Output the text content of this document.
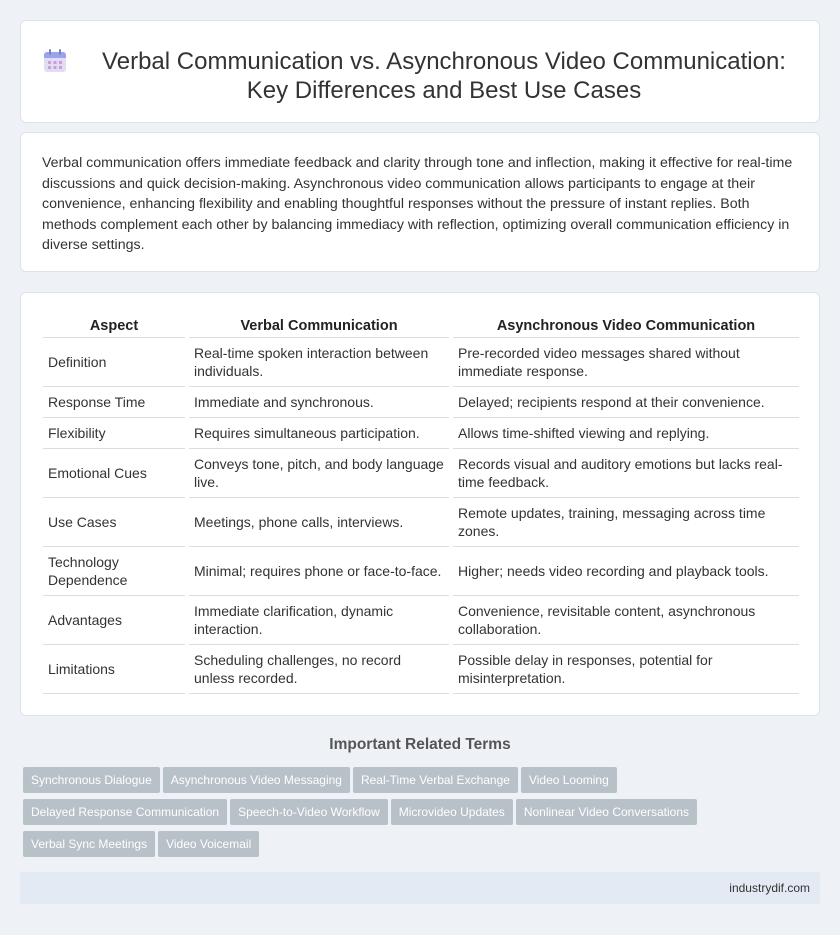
Verbal Communication vs. Asynchronous Video Communication: Key Differences and Best Use Cases

Verbal communication offers immediate feedback and clarity through tone and inflection, making it effective for real-time discussions and quick decision-making. Asynchronous video communication allows participants to engage at their convenience, enhancing flexibility and enabling thoughtful responses without the pressure of instant replies. Both methods complement each other by balancing immediacy with reflection, optimizing overall communication efficiency in diverse settings.

Aspect	Verbal Communication	Asynchronous Video Communication
Definition	Real-time spoken interaction between individuals.	Pre-recorded video messages shared without immediate response.
Response Time	Immediate and synchronous.	Delayed; recipients respond at their convenience.
Flexibility	Requires simultaneous participation.	Allows time-shifted viewing and replying.
Emotional Cues	Conveys tone, pitch, and body language live.	Records visual and auditory emotions but lacks real-time feedback.
Use Cases	Meetings, phone calls, interviews.	Remote updates, training, messaging across time zones.
Technology Dependence	Minimal; requires phone or face-to-face.	Higher; needs video recording and playback tools.
Advantages	Immediate clarification, dynamic interaction.	Convenience, revisitable content, asynchronous collaboration.
Limitations	Scheduling challenges, no record unless recorded.	Possible delay in responses, potential for misinterpretation.
Important Related Terms
Synchronous Dialogue Asynchronous Video Messaging Real-Time Verbal Exchange Video Looming
Delayed Response Communication Speech-to-Video Workflow Microvideo Updates Nonlinear Video Conversations
Verbal Sync Meetings Video Voicemail
industrydif.com
